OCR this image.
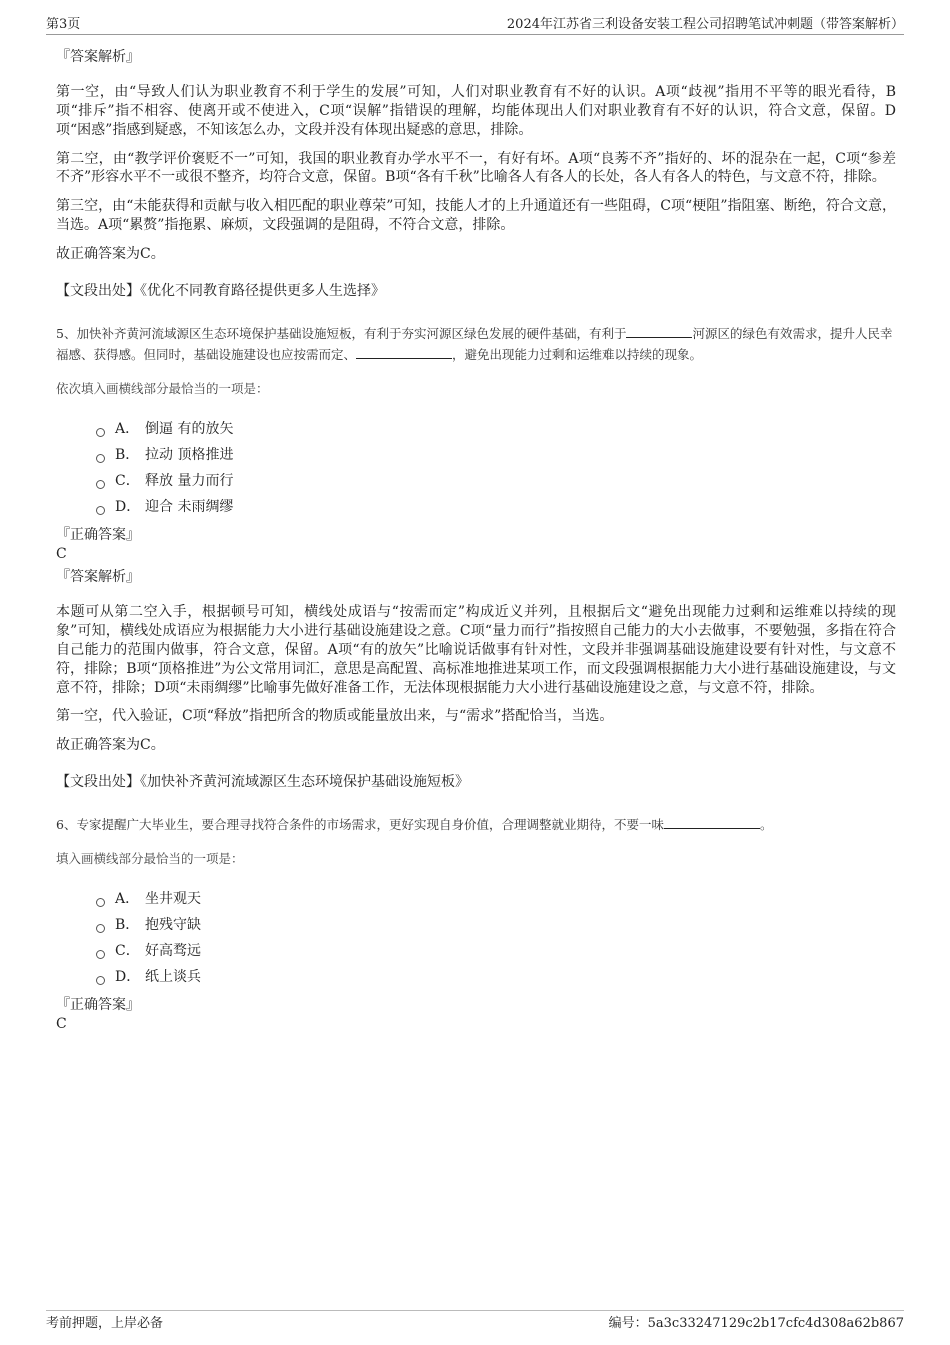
第3页	2024年江苏省三利设备安装工程公司招聘笔试冲刺题（带答案解析）
『答案解析』

第一空，由“导致人们认为职业教育不利于学生的发展”可知，人们对职业教育有不好的认识。A项“歧视”指用不平等的眼光看待，B项“排斥”指不相容、使离开或不使进入，C项“误解”指错误的理解，均能体现出人们对职业教育有不好的认识，符合文意，保留。D项“困惑”指感到疑惑，不知该怎么办，文段并没有体现出疑惑的意思，排除。

第二空，由“教学评价褒贬不一”可知，我国的职业教育办学水平不一，有好有坏。A项“良莠不齐”指好的、坏的混杂在一起，C项“参差不齐”形容水平不一或很不整齐，均符合文意，保留。B项“各有千秋”比喻各人有各人的长处，各人有各人的特色，与文意不符，排除。

第三空，由“未能获得和贡献与收入相匹配的职业尊荣”可知，技能人才的上升通道还有一些阻碍，C项“梗阻”指阻塞、断绝，符合文意，当选。A项“累赘”指拖累、麻烦，文段强调的是阻碍，不符合文意，排除。

故正确答案为C。

【文段出处】《优化不同教育路径提供更多人生选择》

5、加快补齐黄河流域源区生态环境保护基础设施短板，有利于夯实河源区绿色发展的硬件基础，有利于	河源区的绿色有效需求，提升人民幸福感、获得感。但同时，基础设施建设也应按需而定、	，避免出现能力过剩和运维难以持续的现象。
依次填入画横线部分最恰当的一项是：
A． 倒逼 有的放矢
B． 拉动 顶格推进
C． 释放 量力而行
D． 迎合 未雨绸缪
『正确答案』
C
『答案解析』

本题可从第二空入手，根据顿号可知，横线处成语与“按需而定”构成近义并列，且根据后文“避免出现能力过剩和运维难以持续的现象”可知，横线处成语应为根据能力大小进行基础设施建设之意。C项“量力而行”指按照自己能力的大小去做事，不要勉强，多指在符合自己能力的范围内做事，符合文意，保留。A项“有的放矢”比喻说话做事有针对性，文段并非强调基础设施建设要有针对性，与文意不符，排除；B项“顶格推进”为公文常用词汇，意思是高配置、高标准地推进某项工作，而文段强调根据能力大小进行基础设施建设，与文意不符，排除；D项“未雨绸缪”比喻事先做好准备工作，无法体现根据能力大小进行基础设施建设之意，与文意不符，排除。

第一空，代入验证，C项“释放”指把所含的物质或能量放出来，与“需求”搭配恰当，当选。

故正确答案为C。

【文段出处】《加快补齐黄河流域源区生态环境保护基础设施短板》

6、专家提醒广大毕业生，要合理寻找符合条件的市场需求，更好实现自身价值，合理调整就业期待，不要一味	。
填入画横线部分最恰当的一项是：
A． 坐井观天
B． 抱残守缺
C． 好高骛远
D． 纸上谈兵
『正确答案』
C
考前押题，上岸必备	编号：5a3c33247129c2b17cfc4d308a62b867
